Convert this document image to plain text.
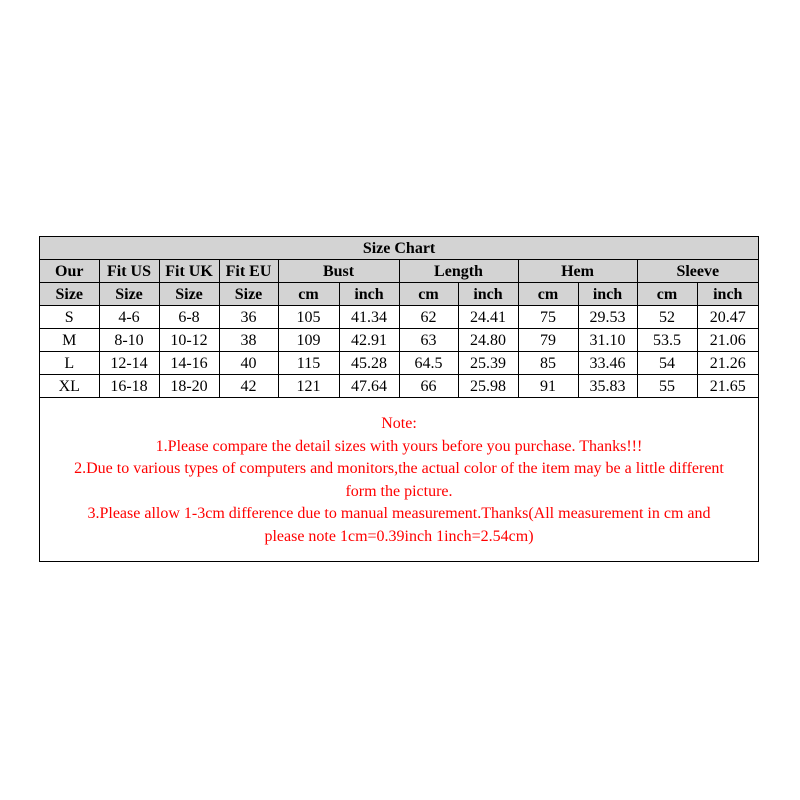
Size Chart											
Our	Fit US	Fit UK	Fit EU	Bust		Length		Hem		Sleeve	
Size	Size	Size	Size	cm	inch	cm	inch	cm	inch	cm	inch
S	4-6	6-8	36	105	41.34	62	24.41	75	29.53	52	20.47
M	8-10	10-12	38	109	42.91	63	24.80	79	31.10	53.5	21.06
L	12-14	14-16	40	115	45.28	64.5	25.39	85	33.46	54	21.26
XL	16-18	18-20	42	121	47.64	66	25.98	91	35.83	55	21.65
Note:
1.Please compare the detail sizes with yours before you purchase. Thanks!!!
2.Due to various types of computers and monitors,the actual color of the item may be a little different
form the picture.
3.Please allow 1-3cm difference due to manual measurement.Thanks(All measurement in cm and
please note 1cm=0.39inch 1inch=2.54cm)
